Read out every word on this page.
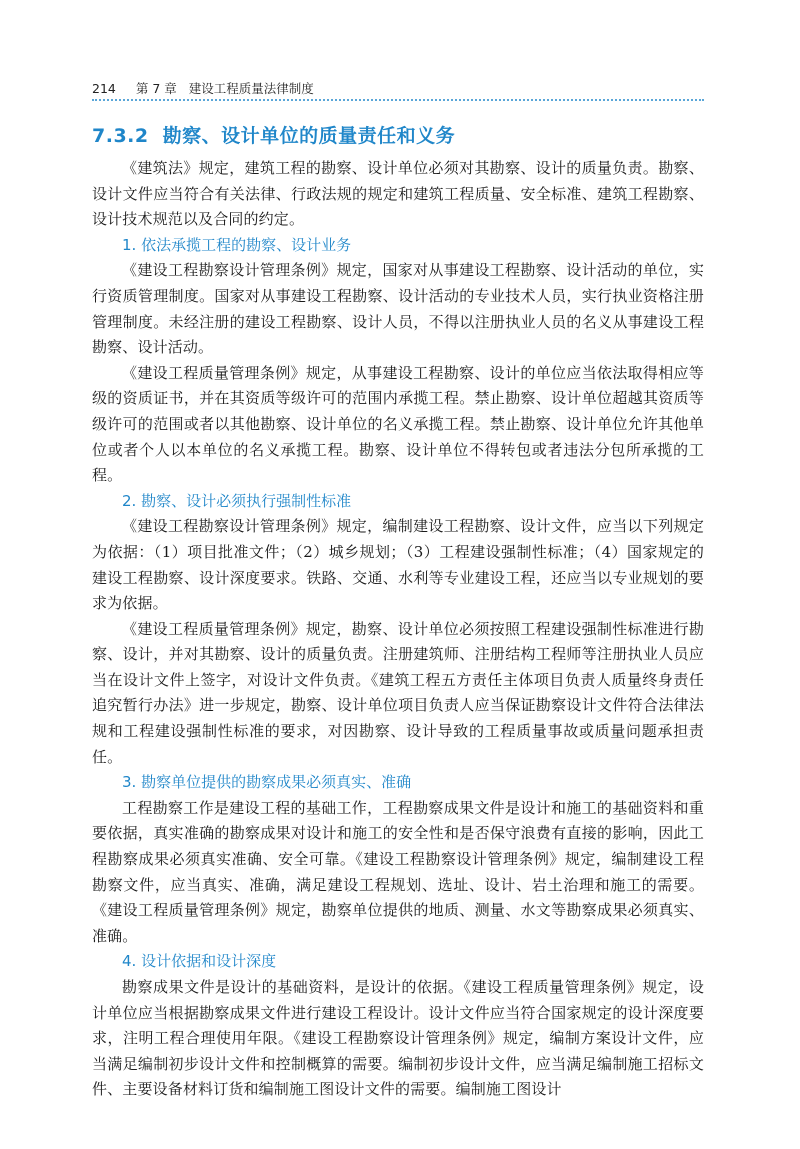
214 第 7 章 建设工程质量法律制度
7.3.2 勘察、设计单位的质量责任和义务

《建筑法》规定，建筑工程的勘察、设计单位必须对其勘察、设计的质量负责。勘察、设计文件应当符合有关法律、行政法规的规定和建筑工程质量、安全标准、建筑工程勘察、设计技术规范以及合同的约定。

1. 依法承揽工程的勘察、设计业务

《建设工程勘察设计管理条例》规定，国家对从事建设工程勘察、设计活动的单位，实行资质管理制度。国家对从事建设工程勘察、设计活动的专业技术人员，实行执业资格注册管理制度。未经注册的建设工程勘察、设计人员，不得以注册执业人员的名义从事建设工程勘察、设计活动。

《建设工程质量管理条例》规定，从事建设工程勘察、设计的单位应当依法取得相应等级的资质证书，并在其资质等级许可的范围内承揽工程。禁止勘察、设计单位超越其资质等级许可的范围或者以其他勘察、设计单位的名义承揽工程。禁止勘察、设计单位允许其他单位或者个人以本单位的名义承揽工程。勘察、设计单位不得转包或者违法分包所承揽的工程。

2. 勘察、设计必须执行强制性标准

《建设工程勘察设计管理条例》规定，编制建设工程勘察、设计文件，应当以下列规定为依据：（1）项目批准文件；（2）城乡规划；（3）工程建设强制性标准；（4）国家规定的建设工程勘察、设计深度要求。铁路、交通、水利等专业建设工程，还应当以专业规划的要求为依据。

《建设工程质量管理条例》规定，勘察、设计单位必须按照工程建设强制性标准进行勘察、设计，并对其勘察、设计的质量负责。注册建筑师、注册结构工程师等注册执业人员应当在设计文件上签字，对设计文件负责。《建筑工程五方责任主体项目负责人质量终身责任追究暂行办法》进一步规定，勘察、设计单位项目负责人应当保证勘察设计文件符合法律法规和工程建设强制性标准的要求，对因勘察、设计导致的工程质量事故或质量问题承担责任。

3. 勘察单位提供的勘察成果必须真实、准确

工程勘察工作是建设工程的基础工作，工程勘察成果文件是设计和施工的基础资料和重要依据，真实准确的勘察成果对设计和施工的安全性和是否保守浪费有直接的影响，因此工程勘察成果必须真实准确、安全可靠。《建设工程勘察设计管理条例》规定，编制建设工程勘察文件，应当真实、准确，满足建设工程规划、选址、设计、岩土治理和施工的需要。《建设工程质量管理条例》规定，勘察单位提供的地质、测量、水文等勘察成果必须真实、准确。

4. 设计依据和设计深度

勘察成果文件是设计的基础资料，是设计的依据。《建设工程质量管理条例》规定，设计单位应当根据勘察成果文件进行建设工程设计。设计文件应当符合国家规定的设计深度要求，注明工程合理使用年限。《建设工程勘察设计管理条例》规定，编制方案设计文件，应当满足编制初步设计文件和控制概算的需要。编制初步设计文件，应当满足编制施工招标文件、主要设备材料订货和编制施工图设计文件的需要。编制施工图设计
